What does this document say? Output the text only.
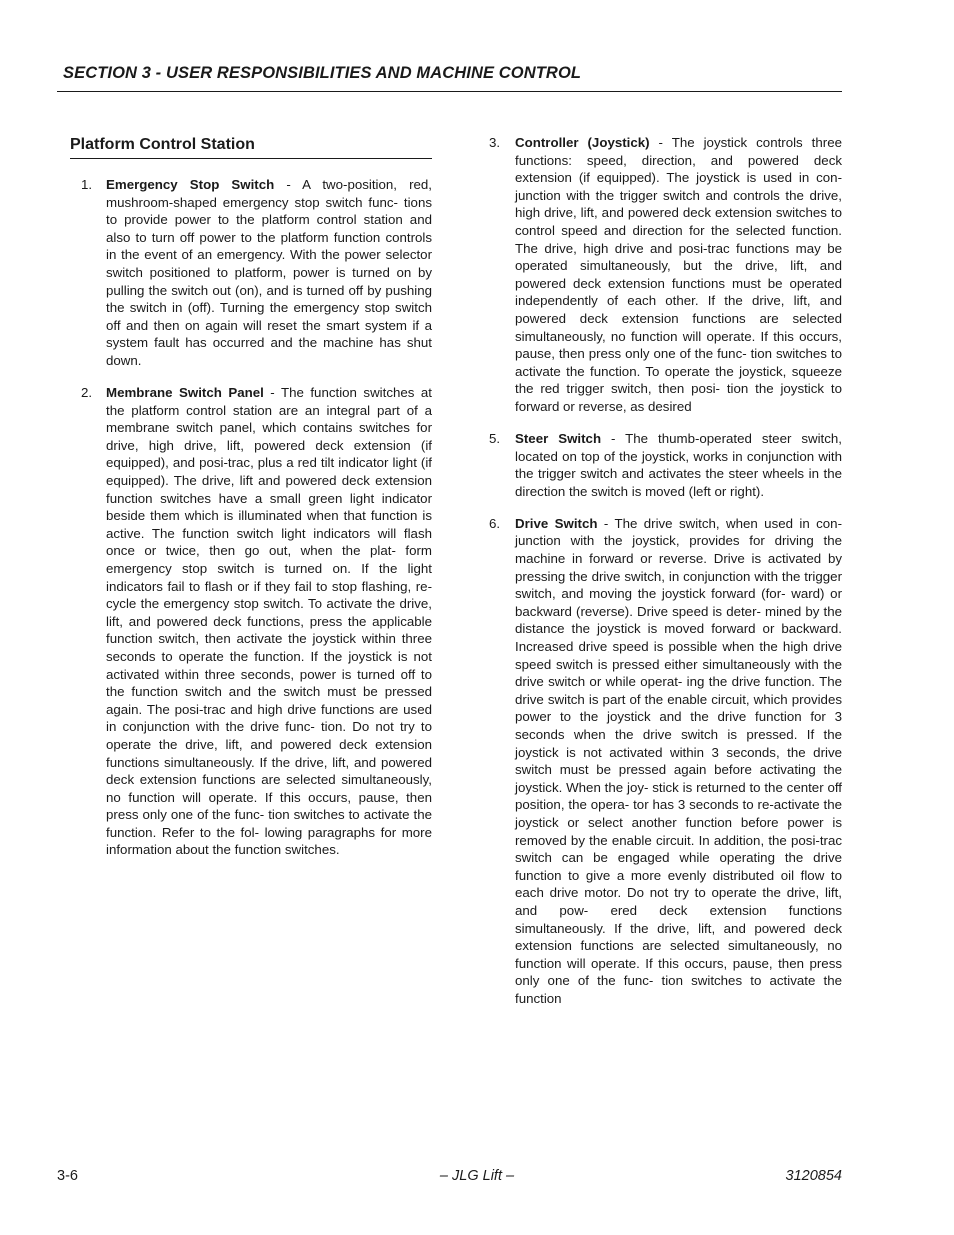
SECTION 3 - USER RESPONSIBILITIES AND MACHINE CONTROL
Platform Control Station
1. Emergency Stop Switch - A two-position, red, mushroom-shaped emergency stop switch func- tions to provide power to the platform control station and also to turn off power to the platform function controls in the event of an emergency. With the power selector switch positioned to platform, power is turned on by pulling the switch out (on), and is turned off by pushing the switch in (off). Turning the emergency stop switch off and then on again will reset the smart system if a system fault has occurred and the machine has shut down.
2. Membrane Switch Panel - The function switches at the platform control station are an integral part of a membrane switch panel, which contains switches for drive, high drive, lift, powered deck extension (if equipped), and posi-trac, plus a red tilt indicator light (if equipped). The drive, lift and powered deck extension function switches have a small green light indicator beside them which is illuminated when that function is active. The function switch light indicators will flash once or twice, then go out, when the plat- form emergency stop switch is turned on. If the light indicators fail to flash or if they fail to stop flashing, re-cycle the emergency stop switch. To activate the drive, lift, and powered deck functions, press the applicable function switch, then activate the joystick within three seconds to operate the function. If the joystick is not activated within three seconds, power is turned off to the function switch and the switch must be pressed again. The posi-trac and high drive functions are used in conjunction with the drive func- tion. Do not try to operate the drive, lift, and powered deck extension functions simultaneously. If the drive, lift, and powered deck extension functions are selected simultaneously, no function will operate. If this occurs, pause, then press only one of the func- tion switches to activate the function. Refer to the fol- lowing paragraphs for more information about the function switches.
3. Controller (Joystick) - The joystick controls three functions: speed, direction, and powered deck extension (if equipped). The joystick is used in con- junction with the trigger switch and controls the drive, high drive, lift, and powered deck extension switches to control speed and direction for the selected function. The drive, high drive and posi-trac functions may be operated simultaneously, but the drive, lift, and powered deck extension functions must be operated independently of each other. If the drive, lift, and powered deck extension functions are selected simultaneously, no function will operate. If this occurs, pause, then press only one of the func- tion switches to activate the function. To operate the joystick, squeeze the red trigger switch, then posi- tion the joystick to forward or reverse, as desired
5. Steer Switch - The thumb-operated steer switch, located on top of the joystick, works in conjunction with the trigger switch and activates the steer wheels in the direction the switch is moved (left or right).
6. Drive Switch - The drive switch, when used in con- junction with the joystick, provides for driving the machine in forward or reverse. Drive is activated by pressing the drive switch, in conjunction with the trigger switch, and moving the joystick forward (for- ward) or backward (reverse). Drive speed is deter- mined by the distance the joystick is moved forward or backward. Increased drive speed is possible when the high drive speed switch is pressed either simultaneously with the drive switch or while operat- ing the drive function. The drive switch is part of the enable circuit, which provides power to the joystick and the drive function for 3 seconds when the drive switch is pressed. If the joystick is not activated within 3 seconds, the drive switch must be pressed again before activating the joystick. When the joy- stick is returned to the center off position, the opera- tor has 3 seconds to re-activate the joystick or select another function before power is removed by the enable circuit. In addition, the posi-trac switch can be engaged while operating the drive function to give a more evenly distributed oil flow to each drive motor. Do not try to operate the drive, lift, and pow- ered deck extension functions simultaneously. If the drive, lift, and powered deck extension functions are selected simultaneously, no function will operate. If this occurs, pause, then press only one of the func- tion switches to activate the function
3-6	– JLG Lift –	3120854
